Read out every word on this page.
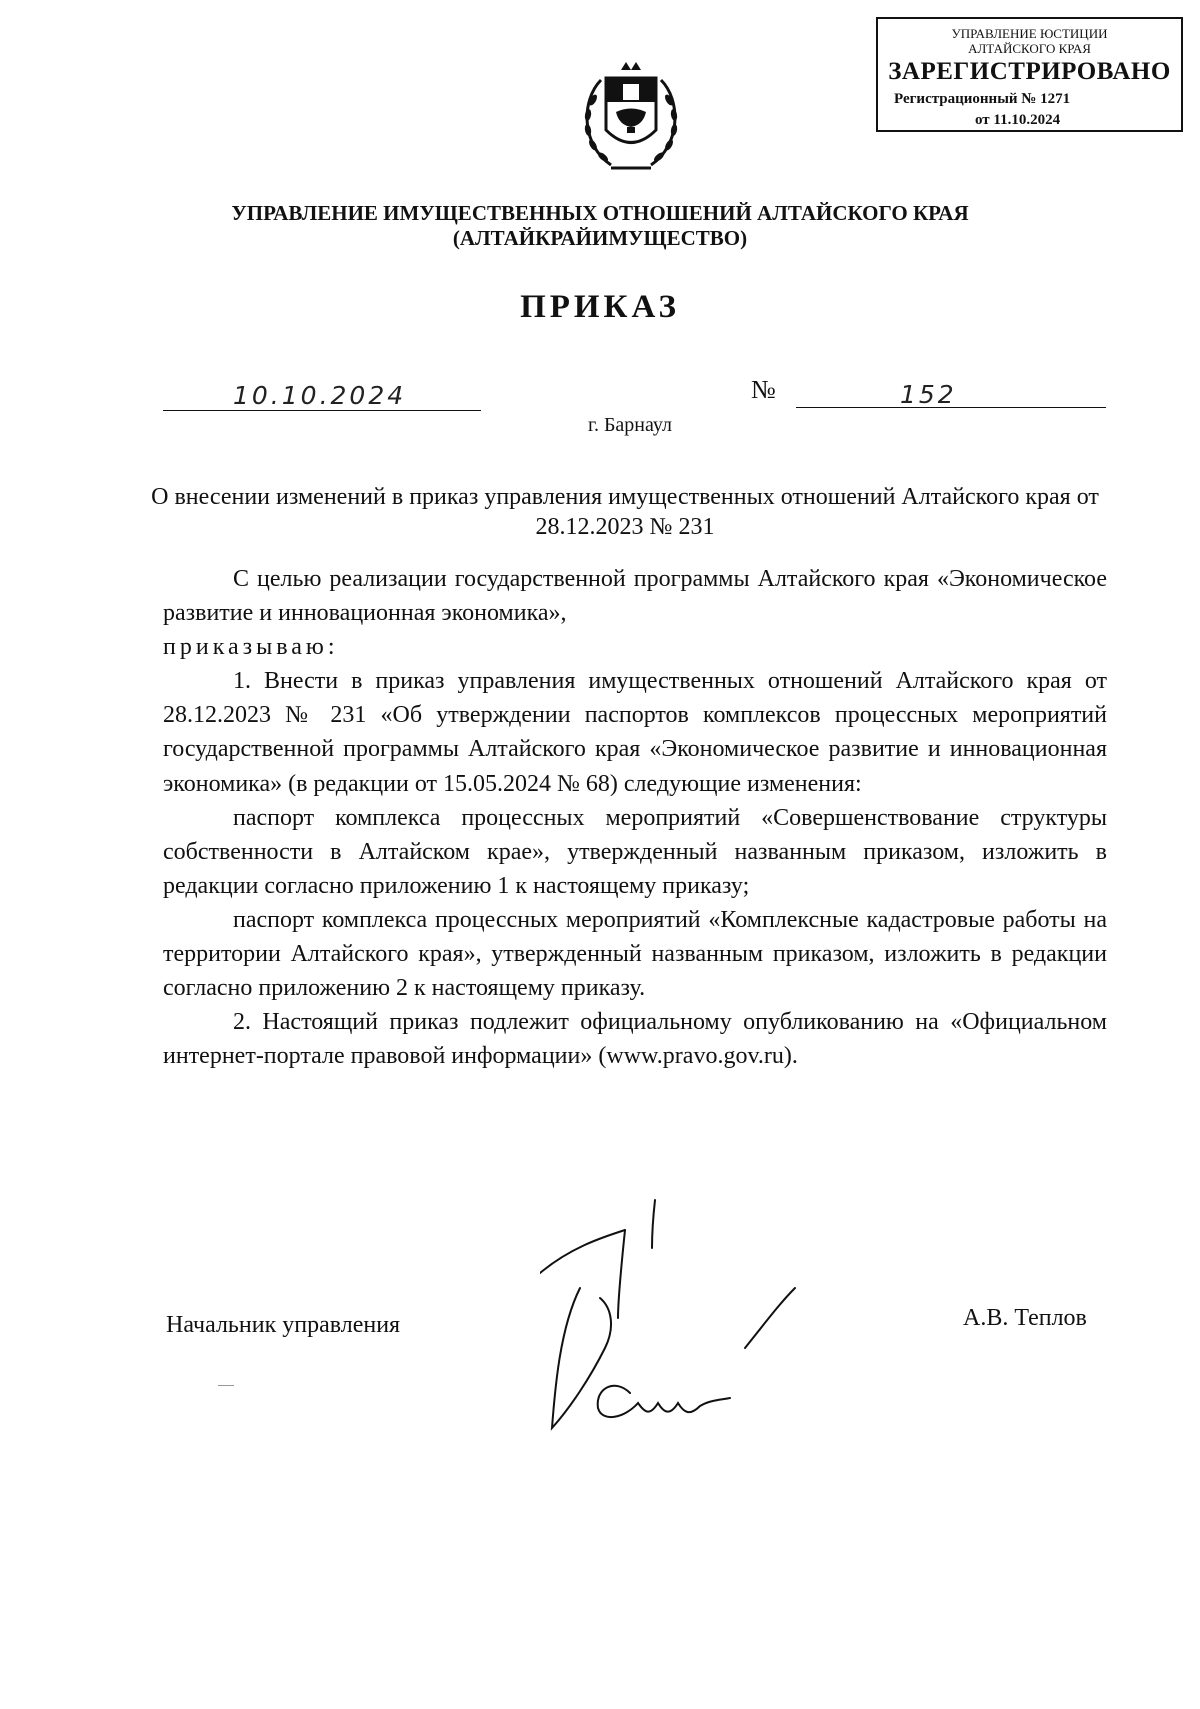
УПРАВЛЕНИЕ ЮСТИЦИИ
АЛТАЙСКОГО КРАЯ
ЗАРЕГИСТРИРОВАНО
Регистрационный № 1271
от 11.10.2024
УПРАВЛЕНИЕ ИМУЩЕСТВЕННЫХ ОТНОШЕНИЙ АЛТАЙСКОГО КРАЯ
(АЛТАЙКРАЙИМУЩЕСТВО)
ПРИКАЗ
10.10.2024	№	152
г. Барнаул
О внесении изменений в приказ управления имущественных отношений Алтайского края от 28.12.2023 № 231

С целью реализации государственной программы Алтайского края «Экономическое развитие и инновационная экономика»,

приказываю:

1. Внести в приказ управления имущественных отношений Алтайского края от 28.12.2023 № 231 «Об утверждении паспортов комплексов процессных мероприятий государственной программы Алтайского края «Экономическое развитие и инновационная экономика» (в редакции от 15.05.2024 № 68) следующие изменения:

паспорт комплекса процессных мероприятий «Совершенствование структуры собственности в Алтайском крае», утвержденный названным приказом, изложить в редакции согласно приложению 1 к настоящему приказу;

паспорт комплекса процессных мероприятий «Комплексные кадастровые работы на территории Алтайского края», утвержденный названным приказом, изложить в редакции согласно приложению 2 к настоящему приказу.

2. Настоящий приказ подлежит официальному опубликованию на «Официальном интернет-портале правовой информации» (www.pravo.gov.ru).

Начальник управления	А.В. Теплов
